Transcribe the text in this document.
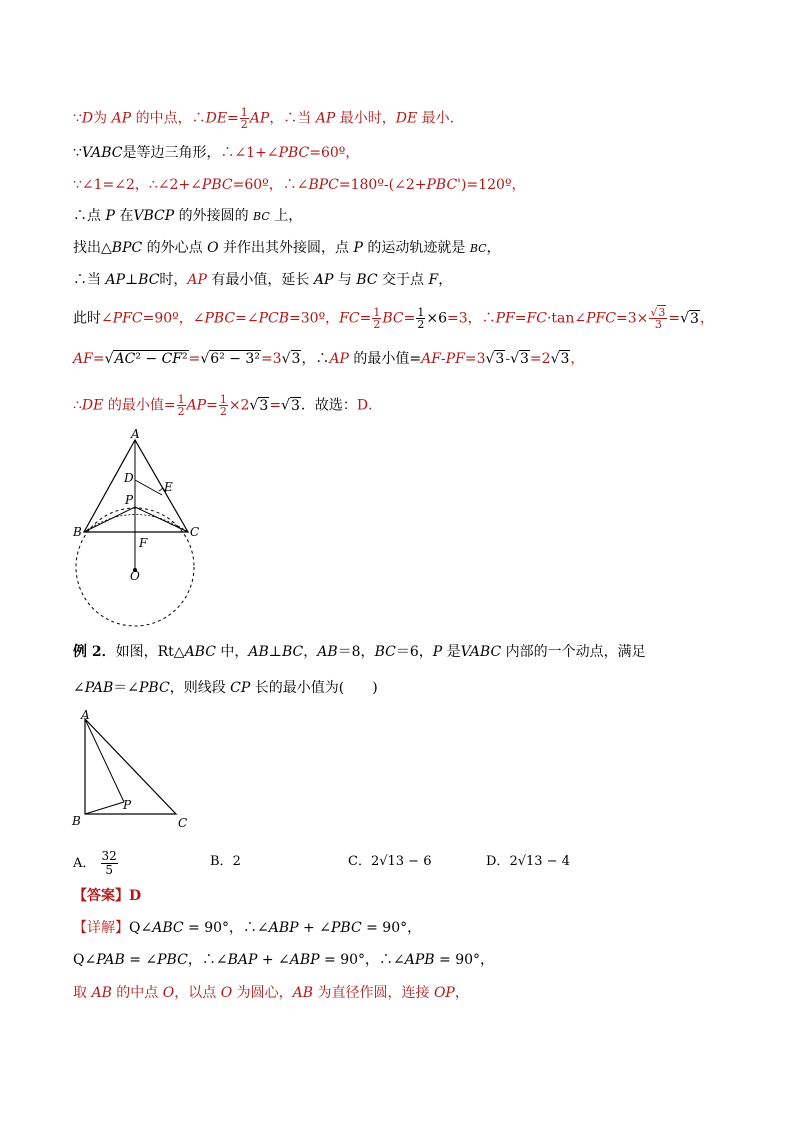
∵D为 AP 的中点，∴DE= $\frac{1}{2}$ AP，∴当 AP 最小时，DE 最小．
∵VABC是等边三角形，∴∠1+∠PBC=60º，
∵∠1=∠2，∴∠2+∠PBC=60º，∴∠BPC=180º-(∠2+PBC')=120º，
∴点 P 在VBCP 的外接圆的 BC 上，
找出△BPC 的外心点 O 并作出其外接圆，点 P 的运动轨迹就是 BC，
∴当 AP⊥BC时，AP 有最小值，延长 AP 与 BC 交于点 F，
此时∠PFC=90º，∠PBC=∠PCB=30º，$FC= \frac{1}{2} BC= \frac{1}{2} \times 6=3$，∴PF=FC·tan∠PFC=3× $\frac{√3}{3} =√3$，
AF=√AC² − CF²=√6² − 3²=3√3，∴AP 的最小值=AF-PF=3√3-√3=2√3，
∴DE 的最小值= $\frac{1}{2} AP= \frac{1}{2} \times 2√3=√3$．故选：D．
A
B	C
D
E
P
F
O
例 2．如图，Rt△ABC 中，AB⊥BC，AB＝8，BC＝6，P 是VABC 内部的一个动点，满足
∠PAB＝∠PBC，则线段 CP 长的最小值为(　　)
A
B	C
P
A． $\frac{32}{5}$	B．2	C．2√13 − 6	D．2√13 − 4
【答案】D
【详解】Q∠ABC = 90°，∴∠ABP + ∠PBC = 90°，
Q∠PAB = ∠PBC，∴∠BAP + ∠ABP = 90°，∴∠APB = 90°，
取 AB 的中点 O，以点 O 为圆心，AB 为直径作圆，连接 OP，
